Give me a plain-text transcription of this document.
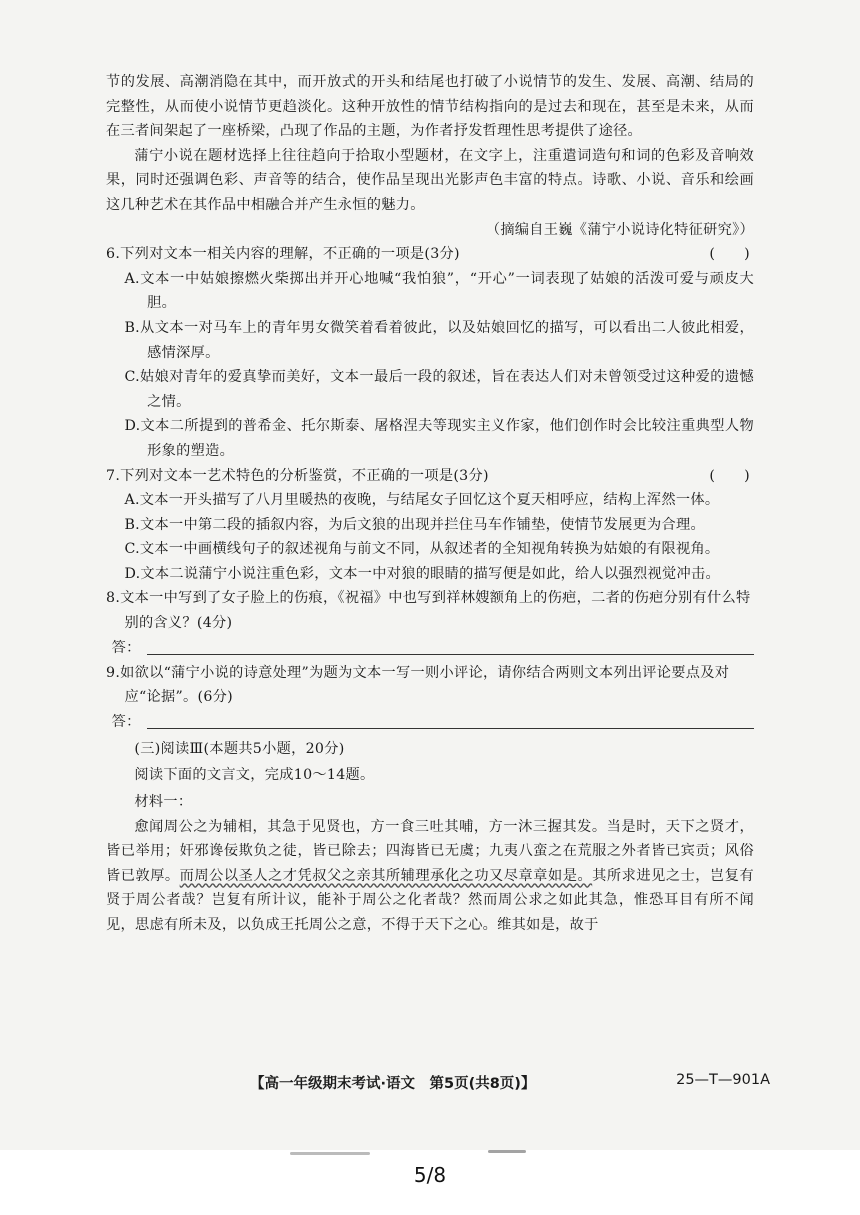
节的发展、高潮消隐在其中，而开放式的开头和结尾也打破了小说情节的发生、发展、高潮、结局的完整性，从而使小说情节更趋淡化。这种开放性的情节结构指向的是过去和现在，甚至是未来，从而在三者间架起了一座桥梁，凸现了作品的主题，为作者抒发哲理性思考提供了途径。

蒲宁小说在题材选择上往往趋向于拾取小型题材，在文字上，注重遣词造句和词的色彩及音响效果，同时还强调色彩、声音等的结合，使作品呈现出光影声色丰富的特点。诗歌、小说、音乐和绘画这几种艺术在其作品中相融合并产生永恒的魅力。

（摘编自王巍《蒲宁小说诗化特征研究》）

6.下列对文本一相关内容的理解，不正确的一项是(3分)	(　　)

A.文本一中姑娘擦燃火柴掷出并开心地喊“我怕狼”，“开心”一词表现了姑娘的活泼可爱与顽皮大胆。

B.从文本一对马车上的青年男女微笑着看着彼此，以及姑娘回忆的描写，可以看出二人彼此相爱，感情深厚。

C.姑娘对青年的爱真挚而美好，文本一最后一段的叙述，旨在表达人们对未曾领受过这种爱的遗憾之情。

D.文本二所提到的普希金、托尔斯泰、屠格涅夫等现实主义作家，他们创作时会比较注重典型人物形象的塑造。

7.下列对文本一艺术特色的分析鉴赏，不正确的一项是(3分)	(　　)

A.文本一开头描写了八月里暖热的夜晚，与结尾女子回忆这个夏天相呼应，结构上浑然一体。

B.文本一中第二段的插叙内容，为后文狼的出现并拦住马车作铺垫，使情节发展更为合理。

C.文本一中画横线句子的叙述视角与前文不同，从叙述者的全知视角转换为姑娘的有限视角。

D.文本二说蒲宁小说注重色彩，文本一中对狼的眼睛的描写便是如此，给人以强烈视觉冲击。

8.文本一中写到了女子脸上的伤痕，《祝福》中也写到祥林嫂额角上的伤疤，二者的伤疤分别有什么特别的含义？(4分)

答：

9.如欲以“蒲宁小说的诗意处理”为题为文本一写一则小评论，请你结合两则文本列出评论要点及对应“论据”。(6分)

答：

(三)阅读Ⅲ(本题共5小题，20分)

阅读下面的文言文，完成10～14题。

材料一：

愈闻周公之为辅相，其急于见贤也，方一食三吐其哺，方一沐三握其发。当是时，天下之贤才，皆已举用；奸邪谗佞欺负之徒，皆已除去；四海皆已无虞；九夷八蛮之在荒服之外者皆已宾贡；风俗皆已敦厚。而周公以圣人之才凭叔父之亲其所辅理承化之功又尽章章如是。其所求进见之士，岂复有贤于周公者哉？岂复有所计议，能补于周公之化者哉？然而周公求之如此其急，惟恐耳目有所不闻见，思虑有所未及，以负成王托周公之意，不得于天下之心。维其如是，故于

【高一年级期末考试·语文　第5页(共8页)】	25—T—901A
5/8
